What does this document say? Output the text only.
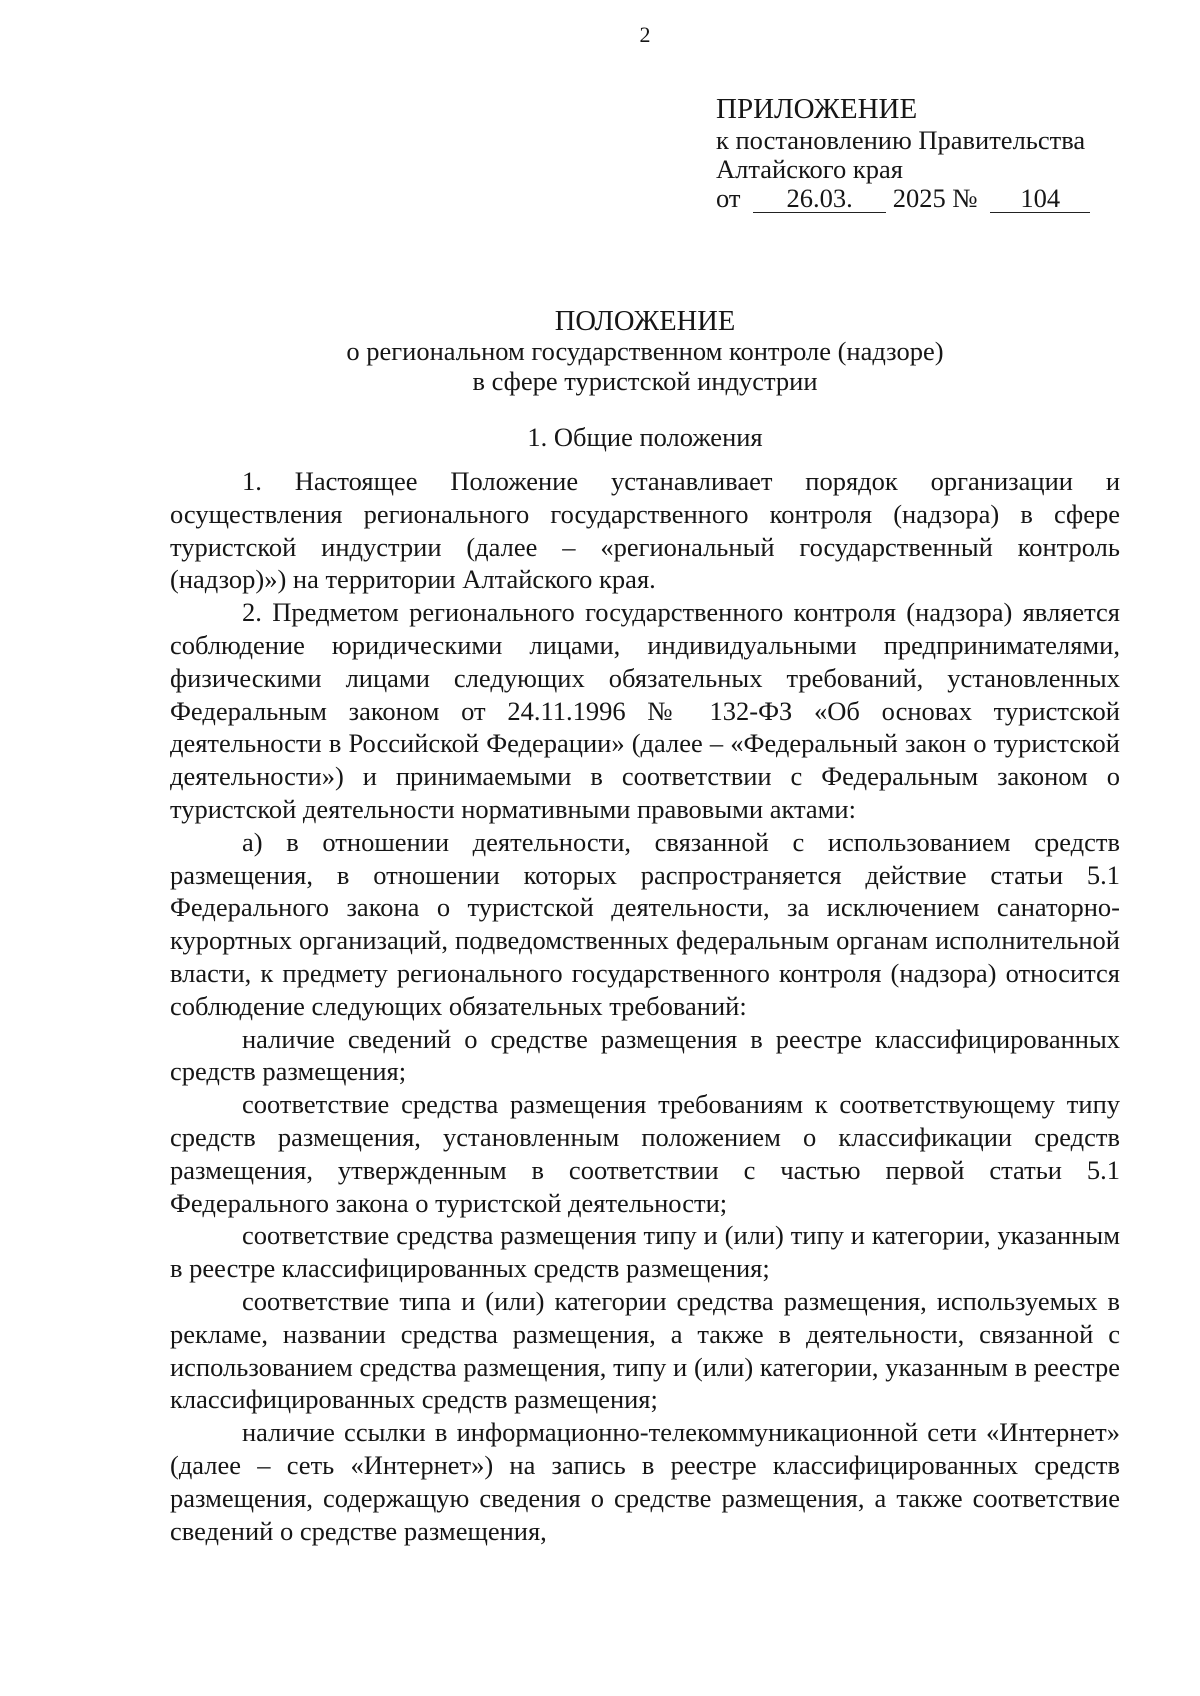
2
ПРИЛОЖЕНИЕ
к постановлению Правительства
Алтайского края
от 26.03. 2025 № 104
ПОЛОЖЕНИЕ
о региональном государственном контроле (надзоре)
в сфере туристской индустрии
1. Общие положения

1. Настоящее Положение устанавливает порядок организации и осуществления регионального государственного контроля (надзора) в сфере туристской индустрии (далее – «региональный государственный контроль (надзор)») на территории Алтайского края.

2. Предметом регионального государственного контроля (надзора) является соблюдение юридическими лицами, индивидуальными предпринимателями, физическими лицами следующих обязательных требований, установленных Федеральным законом от 24.11.1996 № 132-ФЗ «Об основах туристской деятельности в Российской Федерации» (далее – «Федеральный закон о туристской деятельности») и принимаемыми в соответствии с Федеральным законом о туристской деятельности нормативными правовыми актами:

а) в отношении деятельности, связанной с использованием средств размещения, в отношении которых распространяется действие статьи 5.1 Федерального закона о туристской деятельности, за исключением санаторно-курортных организаций, подведомственных федеральным органам исполнительной власти, к предмету регионального государственного контроля (надзора) относится соблюдение следующих обязательных требований:

наличие сведений о средстве размещения в реестре классифицированных средств размещения;

соответствие средства размещения требованиям к соответствующему типу средств размещения, установленным положением о классификации средств размещения, утвержденным в соответствии с частью первой статьи 5.1 Федерального закона о туристской деятельности;

соответствие средства размещения типу и (или) типу и категории, указанным в реестре классифицированных средств размещения;

соответствие типа и (или) категории средства размещения, используемых в рекламе, названии средства размещения, а также в деятельности, связанной с использованием средства размещения, типу и (или) категории, указанным в реестре классифицированных средств размещения;

наличие ссылки в информационно-телекоммуникационной сети «Интернет» (далее – сеть «Интернет») на запись в реестре классифицированных средств размещения, содержащую сведения о средстве размещения, а также соответствие сведений о средстве размещения,
